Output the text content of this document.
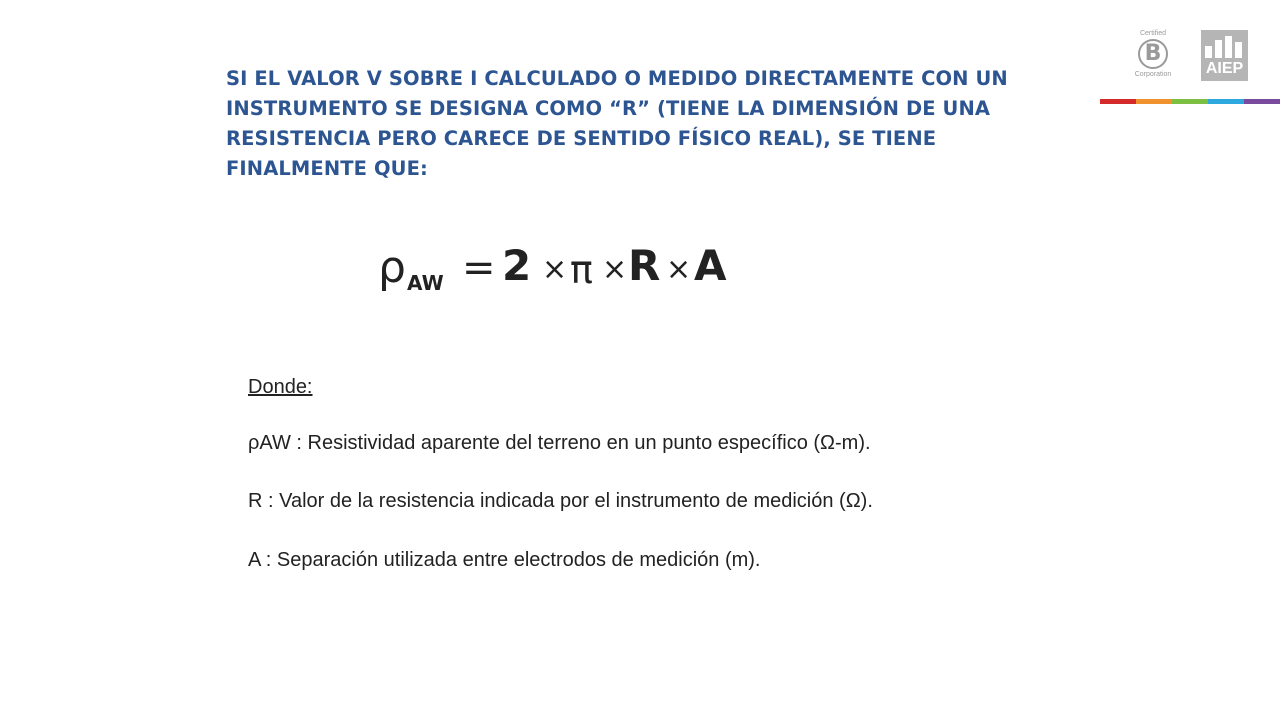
SI EL VALOR V SOBRE I CALCULADO O MEDIDO DIRECTAMENTE CON UN INSTRUMENTO SE DESIGNA COMO “R” (TIENE LA DIMENSIÓN DE UNA RESISTENCIA PERO CARECE DE SENTIDO FÍSICO REAL), SE TIENE FINALMENTE QUE:
ρ AW = 2 × π × R × A

Donde:

ρAW : Resistividad aparente del terreno en un punto específico (Ω-m).

R : Valor de la resistencia indicada por el instrumento de medición (Ω).

A : Separación utilizada entre electrodos de medición (m).

Certified
B
Corporation	AIEP
